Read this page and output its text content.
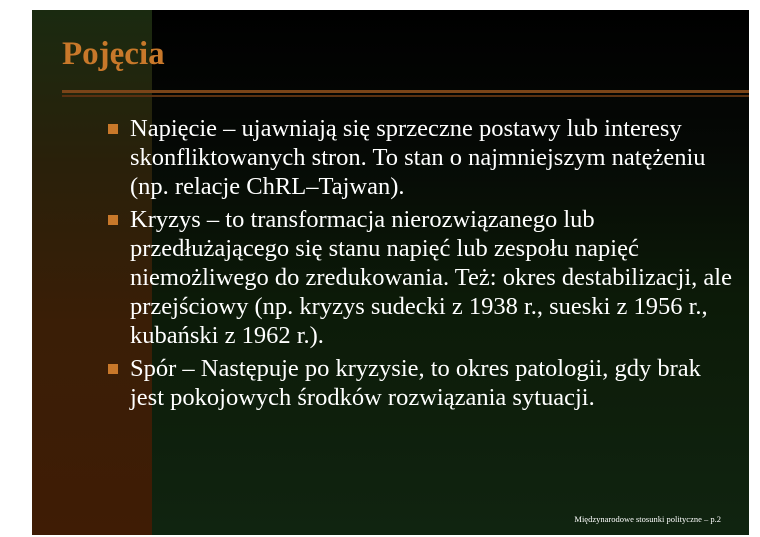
Pojęcia
Napięcie – ujawniają się sprzeczne postawy lub interesy skonfliktowanych stron. To stan o najmniejszym natężeniu (np. relacje ChRL–Tajwan).
Kryzys – to transformacja nierozwiązanego lub przedłużającego się stanu napięć lub zespołu napięć niemożliwego do zredukowania. Też: okres destabilizacji, ale przejściowy (np. kryzys sudecki z 1938 r., sueski z 1956 r., kubański z 1962 r.).
Spór – Następuje po kryzysie, to okres patologii, gdy brak jest pokojowych środków rozwiązania sytuacji.
Międzynarodowe stosunki polityczne – p.2
